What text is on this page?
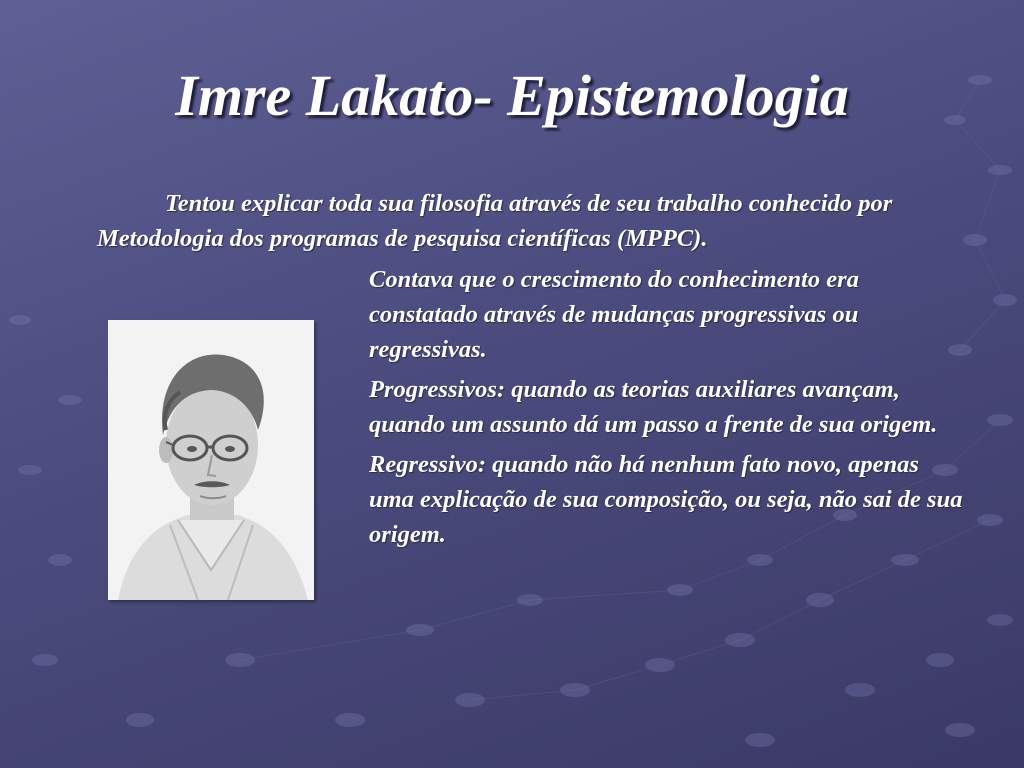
Imre Lakato- Epistemologia

Tentou explicar toda sua filosofia através de seu trabalho conhecido por Metodologia dos programas de pesquisa científicas (MPPC).

Contava que o crescimento do conhecimento era constatado através de mudanças progressivas ou regressivas.

Progressivos: quando as teorias auxiliares avançam, quando um assunto dá um passo a frente de sua origem.

Regressivo: quando não há nenhum fato novo, apenas uma explicação de sua composição, ou seja, não sai de sua origem.
